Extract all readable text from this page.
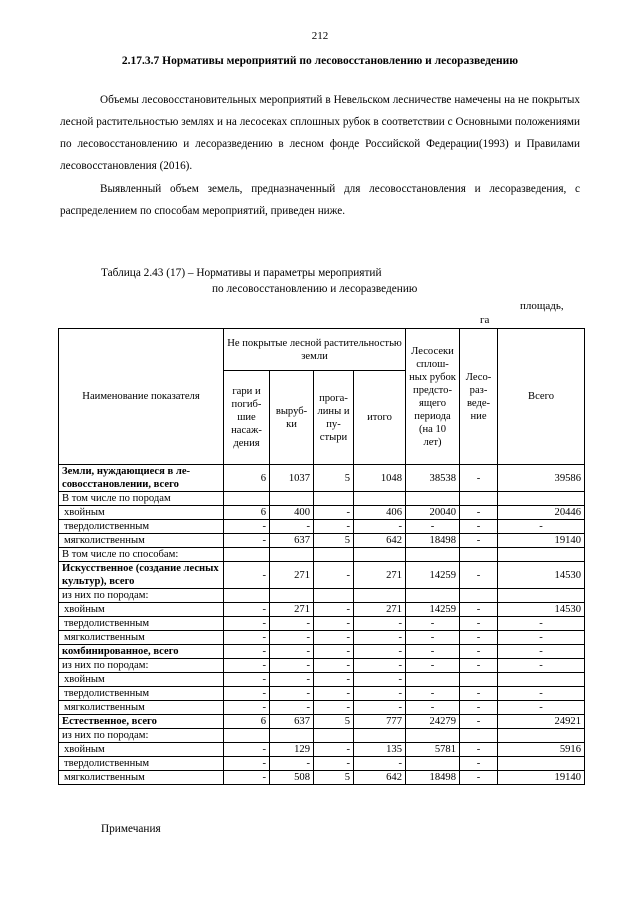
212
2.17.3.7 Нормативы мероприятий по лесовосстановлению и лесоразведению

Объемы лесовосстановительных мероприятий в Невельском лесничестве намечены на не покрытых лесной растительностью землях и на лесосеках сплошных рубок в соответствии с Основными положениями по лесовосстановлению и лесоразведению в лесном фонде Российской Федерации(1993) и Правилами лесовосстановления (2016).

Выявленный объем земель, предназначенный для лесовосстановления и лесоразведения, с распределением по способам мероприятий, приведен ниже.

Таблица 2.43 (17) – Нормативы и параметры мероприятий
по лесовосстановлению и лесоразведению
площадь,
га
Наименование показателя	Не покрытые лесной растительностью земли				Лесосеки сплош-ных рубок предсто-ящего периода (на 10 лет)	Лесо-раз-веде-ние	Всего
	гари и погиб-шие насаж-дения	выруб-ки	прога-лины и пу-стыри	итого			
Земли, нуждающиеся в ле-совосстановлении, всего	6	1037	5	1048	38538	-	39586
В том числе по породам							
хвойным	6	400	-	406	20040	-	20446
твердолиственным	-	-	-	-	-	-	-
мягколиственным	-	637	5	642	18498	-	19140
В том числе по способам:							
Искусственное (создание лесных культур), всего	-	271	-	271	14259	-	14530
из них по породам:							
хвойным	-	271	-	271	14259	-	14530
твердолиственным	-	-	-	-	-	-	-
мягколиственным	-	-	-	-	-	-	-
комбинированное, всего	-	-	-	-	-	-	-
из них по породам:	-	-	-	-	-	-	-
хвойным	-	-	-	-			
твердолиственным	-	-	-	-	-	-	-
мягколиственным	-	-	-	-	-	-	-
Естественное, всего	6	637	5	777	24279	-	24921
из них по породам:							
хвойным	-	129	-	135	5781	-	5916
твердолиственным	-	-	-	-		-	
мягколиственным	-	508	5	642	18498	-	19140
Примечания
